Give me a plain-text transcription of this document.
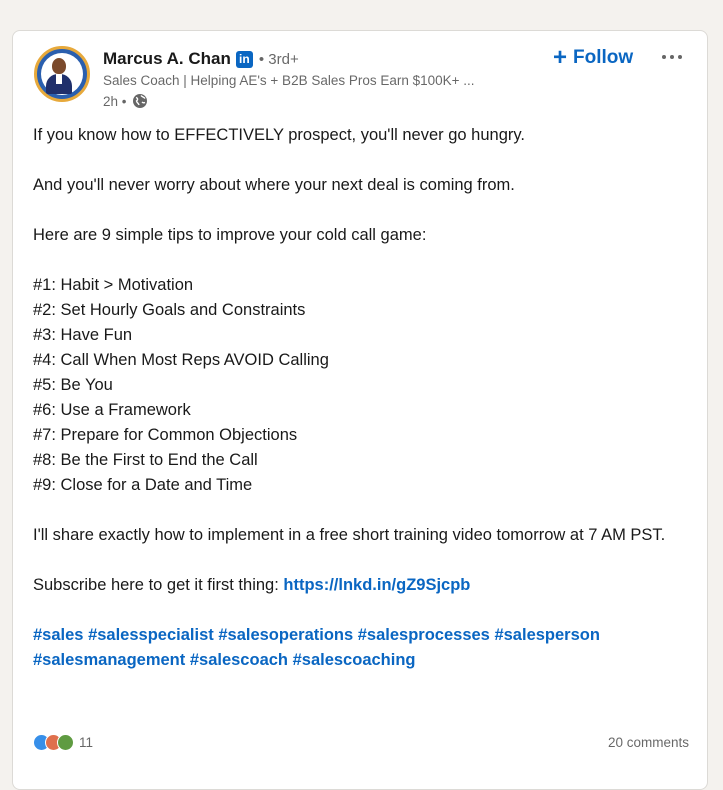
Marcus A. Chan in • 3rd+
Sales Coach | Helping AE's + B2B Sales Pros Earn $100K+ ...
2h •
+ Follow

If you know how to EFFECTIVELY prospect, you'll never go hungry.

And you'll never worry about where your next deal is coming from.

Here are 9 simple tips to improve your cold call game:

#1: Habit > Motivation

#2: Set Hourly Goals and Constraints

#3: Have Fun

#4: Call When Most Reps AVOID Calling

#5: Be You

#6: Use a Framework

#7: Prepare for Common Objections

#8: Be the First to End the Call

#9: Close for a Date and Time

I'll share exactly how to implement in a free short training video tomorrow at 7 AM PST.

Subscribe here to get it first thing: https://lnkd.in/gZ9Sjcpb

#sales #salesspecialist #salesoperations #salesprocesses #salesperson
#salesmanagement #salescoach #salescoaching

11	20 comments
